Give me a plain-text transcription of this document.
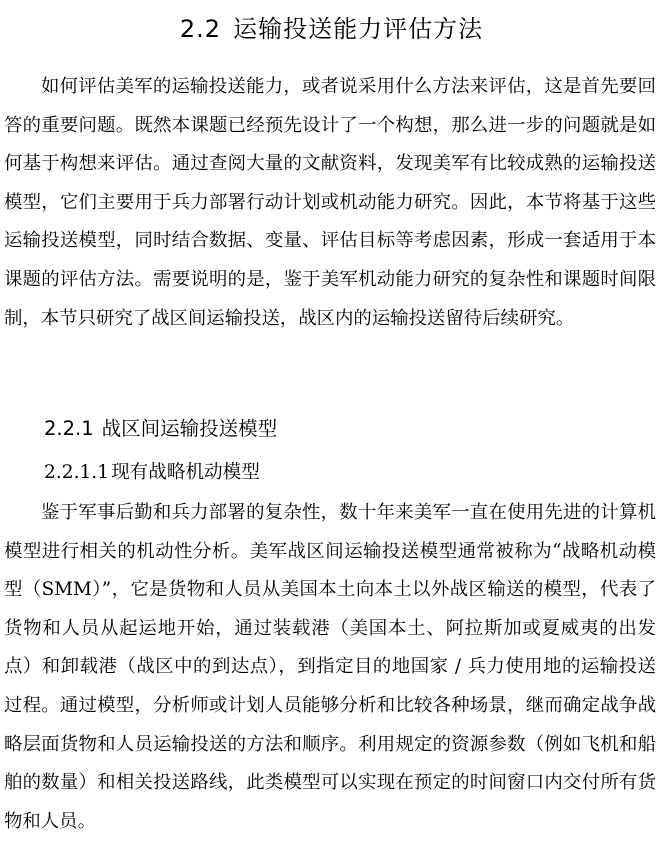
2.2 运输投送能力评估方法

如何评估美军的运输投送能力，或者说采用什么方法来评估，这是首先要回答的重要问题。既然本课题已经预先设计了一个构想，那么进一步的问题就是如何基于构想来评估。通过查阅大量的文献资料，发现美军有比较成熟的运输投送模型，它们主要用于兵力部署行动计划或机动能力研究。因此，本节将基于这些运输投送模型，同时结合数据、变量、评估目标等考虑因素，形成一套适用于本课题的评估方法。需要说明的是，鉴于美军机动能力研究的复杂性和课题时间限制，本节只研究了战区间运输投送，战区内的运输投送留待后续研究。

2.2.1 战区间运输投送模型
2.2.1.1 现有战略机动模型

鉴于军事后勤和兵力部署的复杂性，数十年来美军一直在使用先进的计算机模型进行相关的机动性分析。美军战区间运输投送模型通常被称为“战略机动模型（SMM）”，它是货物和人员从美国本土向本土以外战区输送的模型，代表了货物和人员从起运地开始，通过装载港（美国本土、阿拉斯加或夏威夷的出发点）和卸载港（战区中的到达点），到指定目的地国家 / 兵力使用地的运输投送过程。通过模型，分析师或计划人员能够分析和比较各种场景，继而确定战争战略层面货物和人员运输投送的方法和顺序。利用规定的资源参数（例如飞机和船舶的数量）和相关投送路线，此类模型可以实现在预定的时间窗口内交付所有货物和人员。
